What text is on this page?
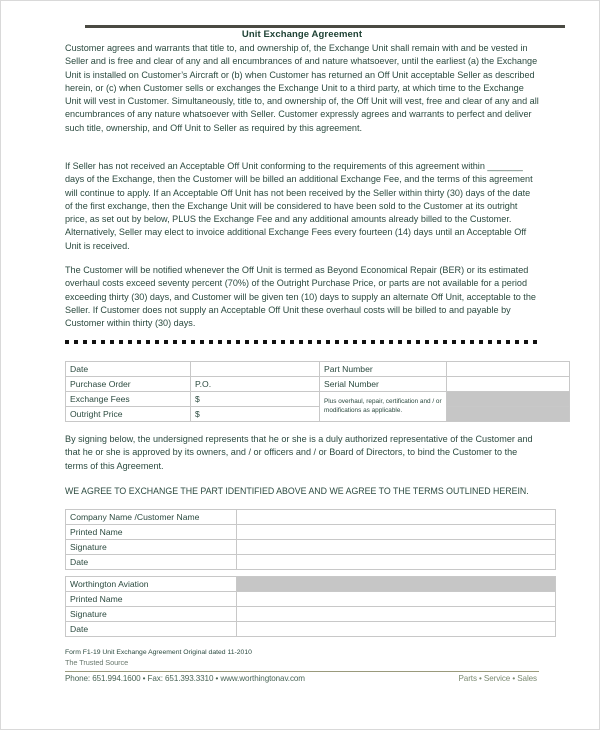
Unit Exchange Agreement

Customer agrees and warrants that title to, and ownership of, the Exchange Unit shall remain with and be vested in Seller and is free and clear of any and all encumbrances of and nature whatsoever, until the earliest (a) the Exchange Unit is installed on Customer’s Aircraft or (b) when Customer has returned an Off Unit acceptable Seller as described herein, or (c) when Customer sells or exchanges the Exchange Unit to a third party, at which time to the Exchange Unit will vest in Customer. Simultaneously, title to, and ownership of, the Off Unit will vest, free and clear of any and all encumbrances of any nature whatsoever with Seller. Customer expressly agrees and warrants to perfect and deliver such title, ownership, and Off Unit to Seller as required by this agreement.

If Seller has not received an Acceptable Off Unit conforming to the requirements of this agreement within _______ days of the Exchange, then the Customer will be billed an additional Exchange Fee, and the terms of this agreement will continue to apply. If an Acceptable Off Unit has not been received by the Seller within thirty (30) days of the date of the first exchange, then the Exchange Unit will be considered to have been sold to the Customer at its outright price, as set out by below, PLUS the Exchange Fee and any additional amounts already billed to the Customer. Alternatively, Seller may elect to invoice additional Exchange Fees every fourteen (14) days until an Acceptable Off Unit is received.

The Customer will be notified whenever the Off Unit is termed as Beyond Economical Repair (BER) or its estimated overhaul costs exceed seventy percent (70%) of the Outright Purchase Price, or parts are not available for a period exceeding thirty (30) days, and Customer will be given ten (10) days to supply an alternate Off Unit, acceptable to the Seller. If Customer does not supply an Acceptable Off Unit these overhaul costs will be billed to and payable by Customer within thirty (30) days.

Date		Part Number	
Purchase Order	P.O.	Serial Number	
Exchange Fees	$	Plus overhaul, repair, certification and / or modifications as applicable.	
Outright Price	$		

By signing below, the undersigned represents that he or she is a duly authorized representative of the Customer and that he or she is approved by its owners, and / or officers and / or Board of Directors, to bind the Customer to the terms of this Agreement.

WE AGREE TO EXCHANGE THE PART IDENTIFIED ABOVE AND WE AGREE TO THE TERMS OUTLINED HEREIN.
Company Name /Customer Name	
Printed Name	
Signature	
Date	
Worthington Aviation	
Printed Name	
Signature	
Date	
Form F1-19 Unit Exchange Agreement Original dated 11-2010
The Trusted Source
Phone: 651.994.1600 • Fax: 651.393.3310 • www.worthingtonav.com	Parts • Service • Sales
